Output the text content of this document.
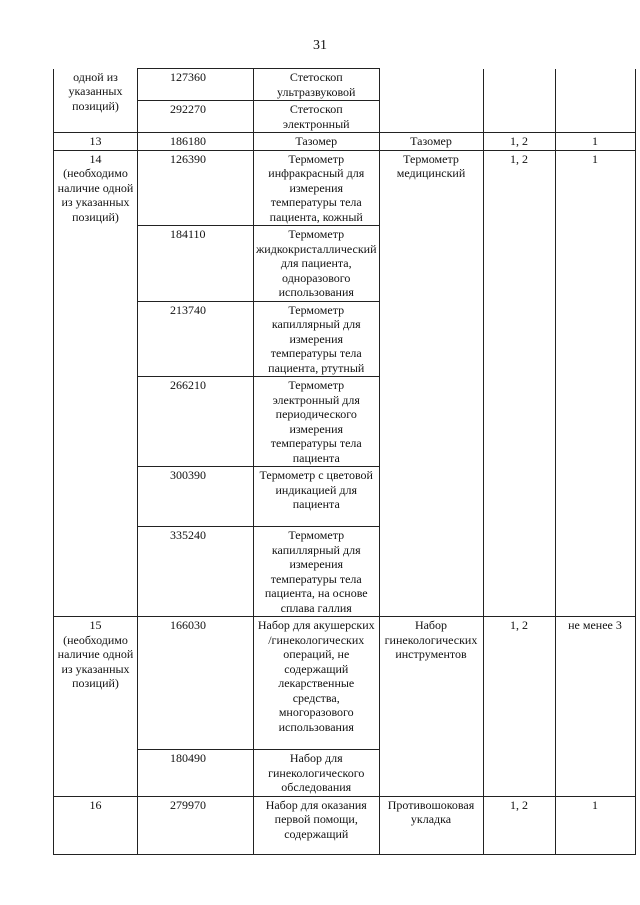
31
одной из указанных позиций)	127360	Стетоскоп ультразвуковой			
	292270	Стетоскоп электронный			
13	186180	Тазомер	Тазомер	1, 2	1
14 (необходимо наличие одной из указанных позиций)	126390	Термометр инфракрасный для измерения температуры тела пациента, кожный	Термометр медицинский	1, 2	1
	184110	Термометр жидкокристаллический для пациента, одноразового использования			
	213740	Термометр капиллярный для измерения температуры тела пациента, ртутный			
	266210	Термометр электронный для периодического измерения температуры тела пациента			
	300390	Термометр с цветовой индикацией для пациента			
	335240	Термометр капиллярный для измерения температуры тела пациента, на основе сплава галлия			
15 (необходимо наличие одной из указанных позиций)	166030	Набор для акушерских /гинекологических операций, не содержащий лекарственные средства, многоразового использования	Набор гинекологических инструментов	1, 2	не менее 3
	180490	Набор для гинекологического обследования			
16	279970	Набор для оказания первой помощи, содержащий	Противошоковая укладка	1, 2	1
